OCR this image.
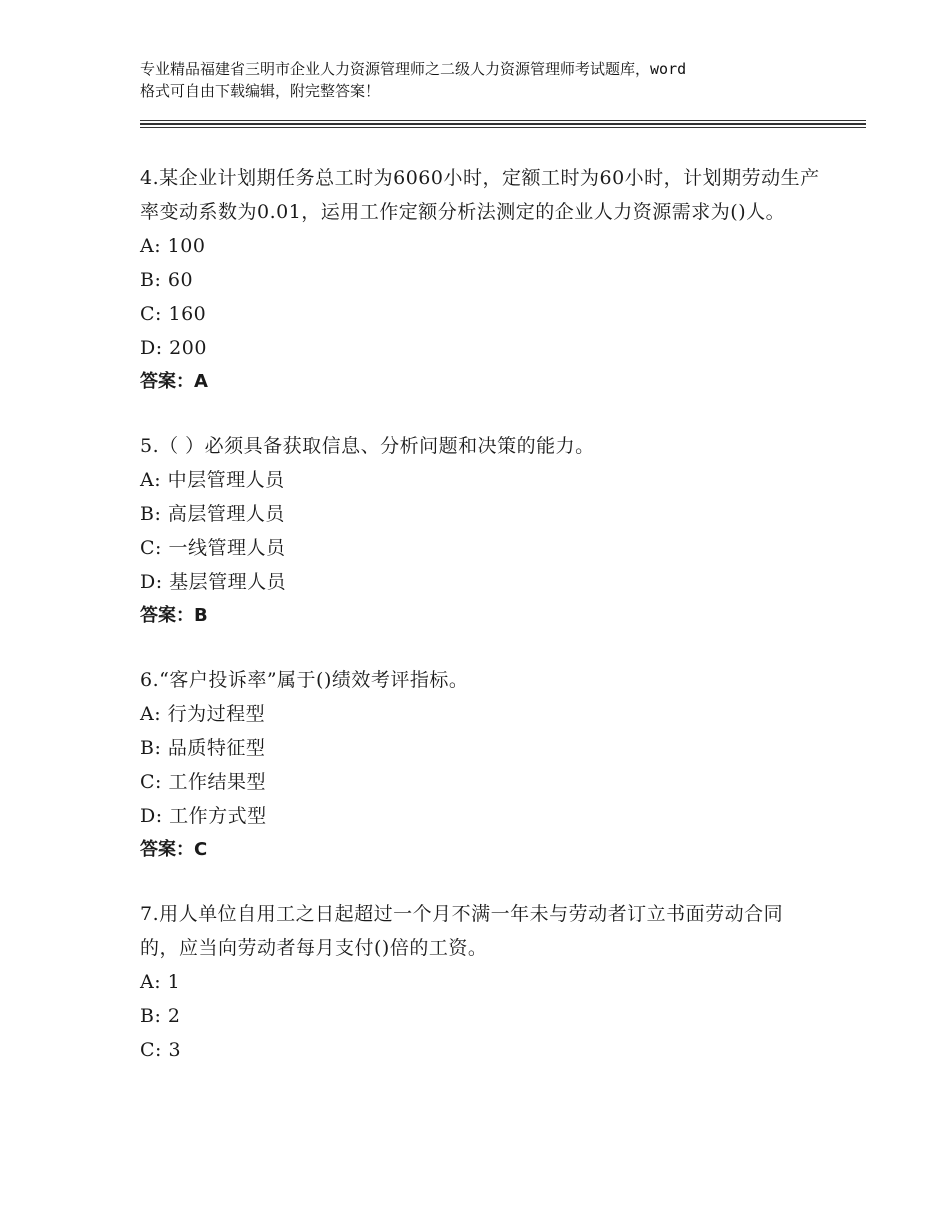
专业精品福建省三明市企业人力资源管理师之二级人力资源管理师考试题库，word
格式可自由下载编辑，附完整答案！
4.某企业计划期任务总工时为6060小时，定额工时为60小时，计划期劳动生产率变动系数为0.01，运用工作定额分析法测定的企业人力资源需求为()人。
A: 100
B: 60
C: 160
D: 200
答案：A
5.（ ）必须具备获取信息、分析问题和决策的能力。
A: 中层管理人员
B: 高层管理人员
C: 一线管理人员
D: 基层管理人员
答案：B
6.“客户投诉率”属于()绩效考评指标。
A: 行为过程型
B: 品质特征型
C: 工作结果型
D: 工作方式型
答案：C
7.用人单位自用工之日起超过一个月不满一年未与劳动者订立书面劳动合同的，应当向劳动者每月支付()倍的工资。
A: 1
B: 2
C: 3
